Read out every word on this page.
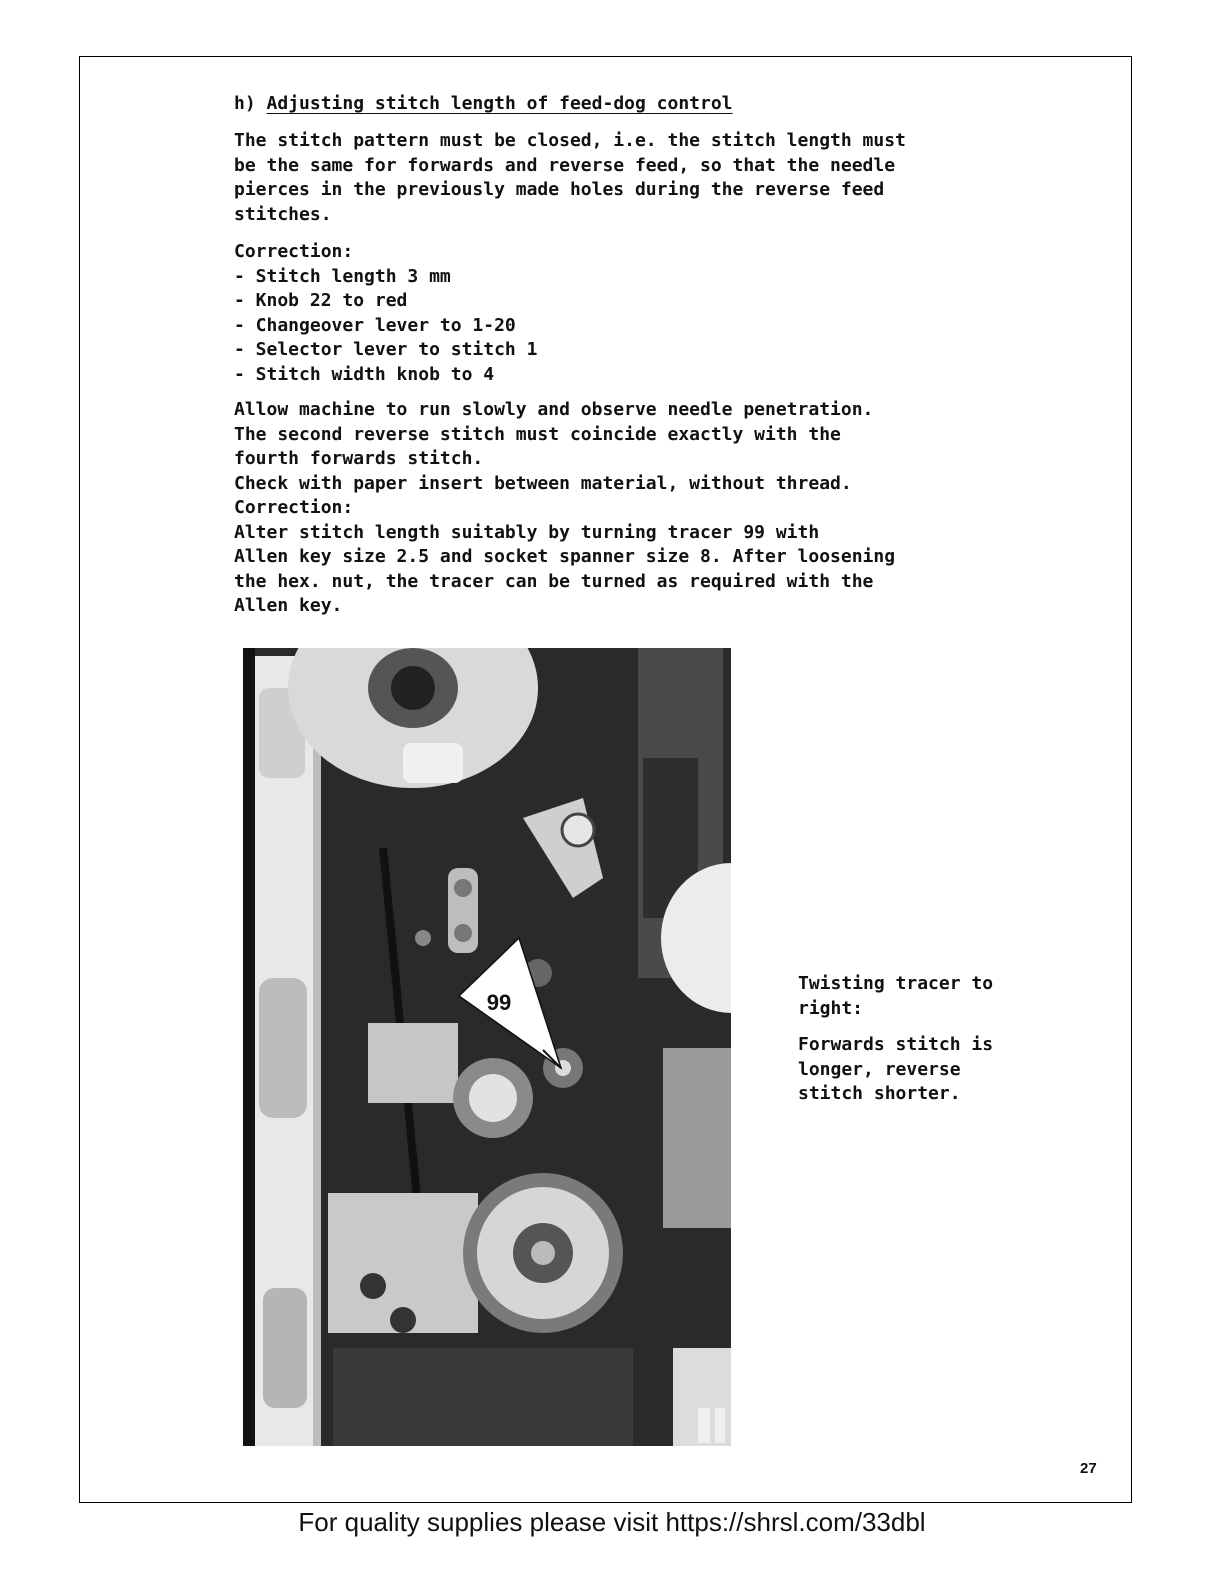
h) Adjusting stitch length of feed-dog control

The stitch pattern must be closed, i.e. the stitch length must
be the same for forwards and reverse feed, so that the needle
pierces in the previously made holes during the reverse feed
stitches.

Correction:
- Stitch length 3 mm
- Knob 22 to red
- Changeover lever to 1-20
- Selector lever to stitch 1
- Stitch width knob to 4

Allow machine to run slowly and observe needle penetration.
The second reverse stitch must coincide exactly with the
fourth forwards stitch.
Check with paper insert between material, without thread.
Correction:
Alter stitch length suitably by turning tracer 99 with
Allen key size 2.5 and socket spanner size 8. After loosening
the hex. nut, the tracer can be turned as required with the
Allen key.

99

Twisting tracer to
right:

Forwards stitch is
longer, reverse
stitch shorter.

27
For quality supplies please visit https://shrsl.com/33dbl
